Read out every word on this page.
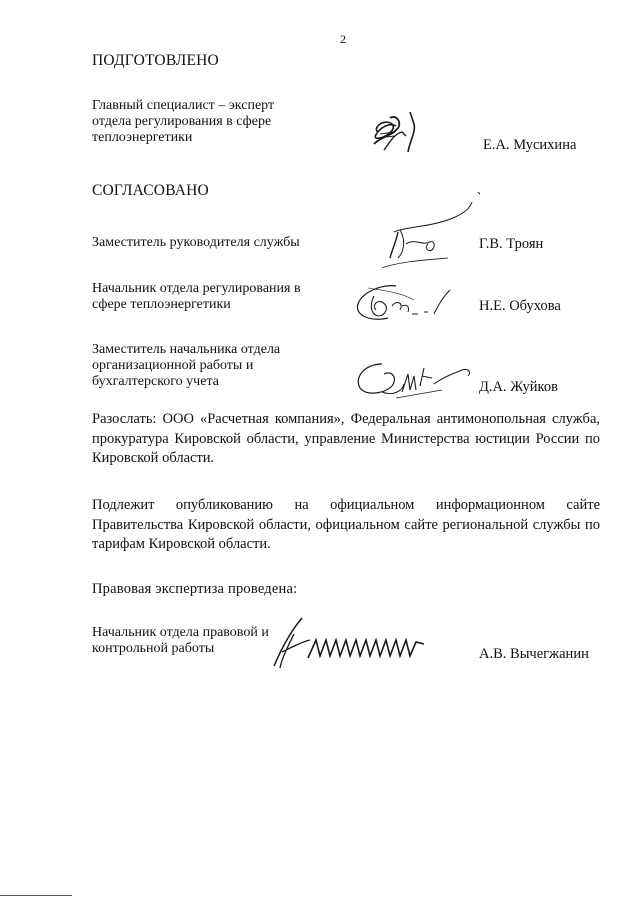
2
ПОДГОТОВЛЕНО
Главный специалист – эксперт отдела регулирования в сфере теплоэнергетики	Е.А. Мусихина
СОГЛАСОВАНО
Заместитель руководителя службы	Г.В. Троян
Начальник отдела регулирования в сфере теплоэнергетики	Н.Е. Обухова
Заместитель начальника отдела организационной работы и бухгалтерского учета	Д.А. Жуйков
Разослать: ООО «Расчетная компания», Федеральная антимонопольная служба, прокуратура Кировской области, управление Министерства юстиции России по Кировской области.
Подлежит опубликованию на официальном информационном сайте Правительства Кировской области, официальном сайте региональной службы по тарифам Кировской области.
Правовая экспертиза проведена:
Начальник отдела правовой и контрольной работы	А.В. Вычегжанин
